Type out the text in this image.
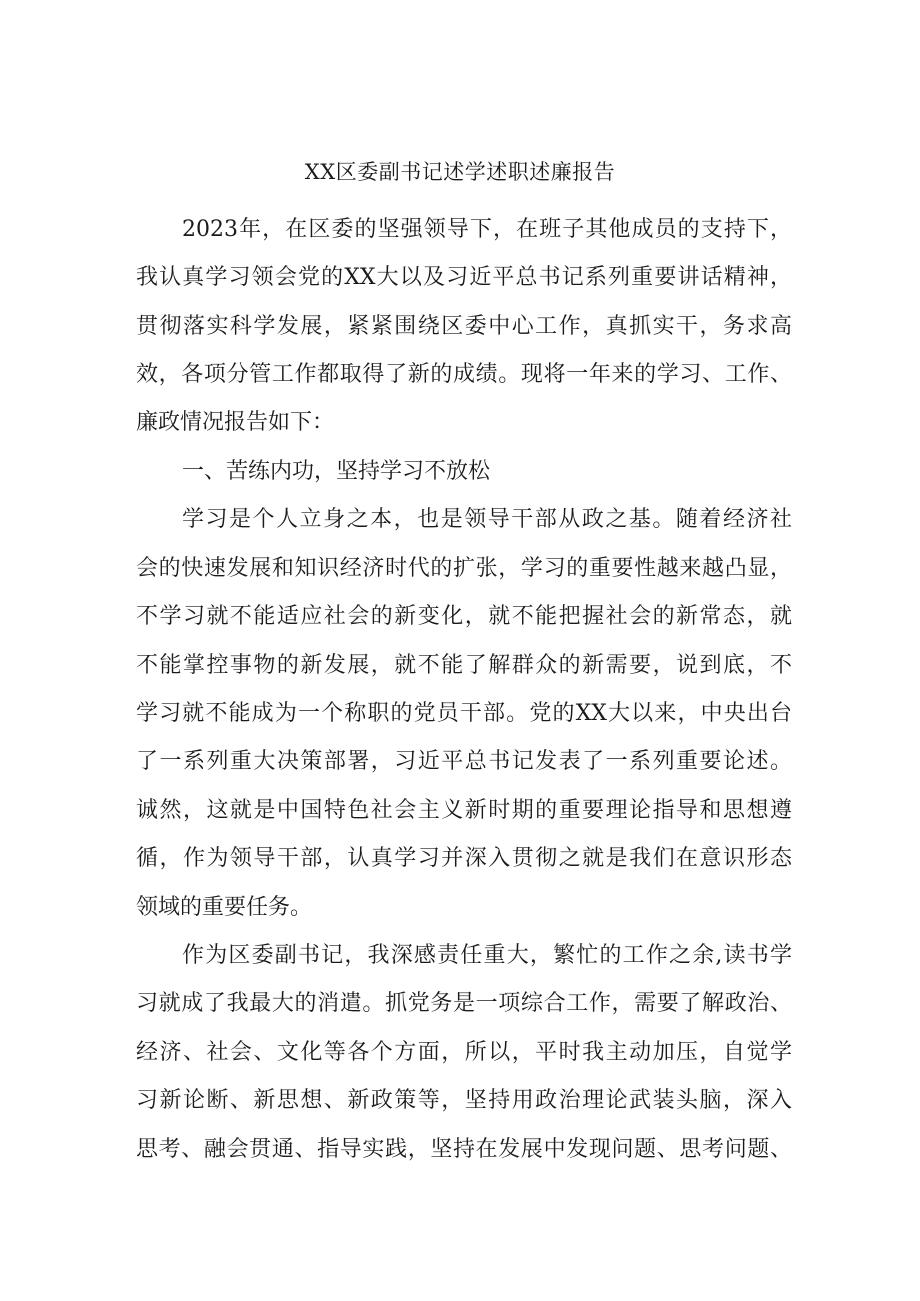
XX区委副书记述学述职述廉报告
2023年，在区委的坚强领导下，在班子其他成员的支持下，
我认真学习领会党的XX大以及习近平总书记系列重要讲话精神，
贯彻落实科学发展，紧紧围绕区委中心工作，真抓实干，务求高
效，各项分管工作都取得了新的成绩。现将一年来的学习、工作、
廉政情况报告如下：
一、苦练内功，坚持学习不放松
学习是个人立身之本，也是领导干部从政之基。随着经济社
会的快速发展和知识经济时代的扩张，学习的重要性越来越凸显，
不学习就不能适应社会的新变化，就不能把握社会的新常态，就
不能掌控事物的新发展，就不能了解群众的新需要，说到底，不
学习就不能成为一个称职的党员干部。党的XX大以来，中央出台
了一系列重大决策部署，习近平总书记发表了一系列重要论述。
诚然，这就是中国特色社会主义新时期的重要理论指导和思想遵
循，作为领导干部，认真学习并深入贯彻之就是我们在意识形态
领域的重要任务。
作为区委副书记，我深感责任重大，繁忙的工作之余,读书学
习就成了我最大的消遣。抓党务是一项综合工作，需要了解政治、
经济、社会、文化等各个方面，所以，平时我主动加压，自觉学
习新论断、新思想、新政策等，坚持用政治理论武装头脑，深入
思考、融会贯通、指导实践，坚持在发展中发现问题、思考问题、
